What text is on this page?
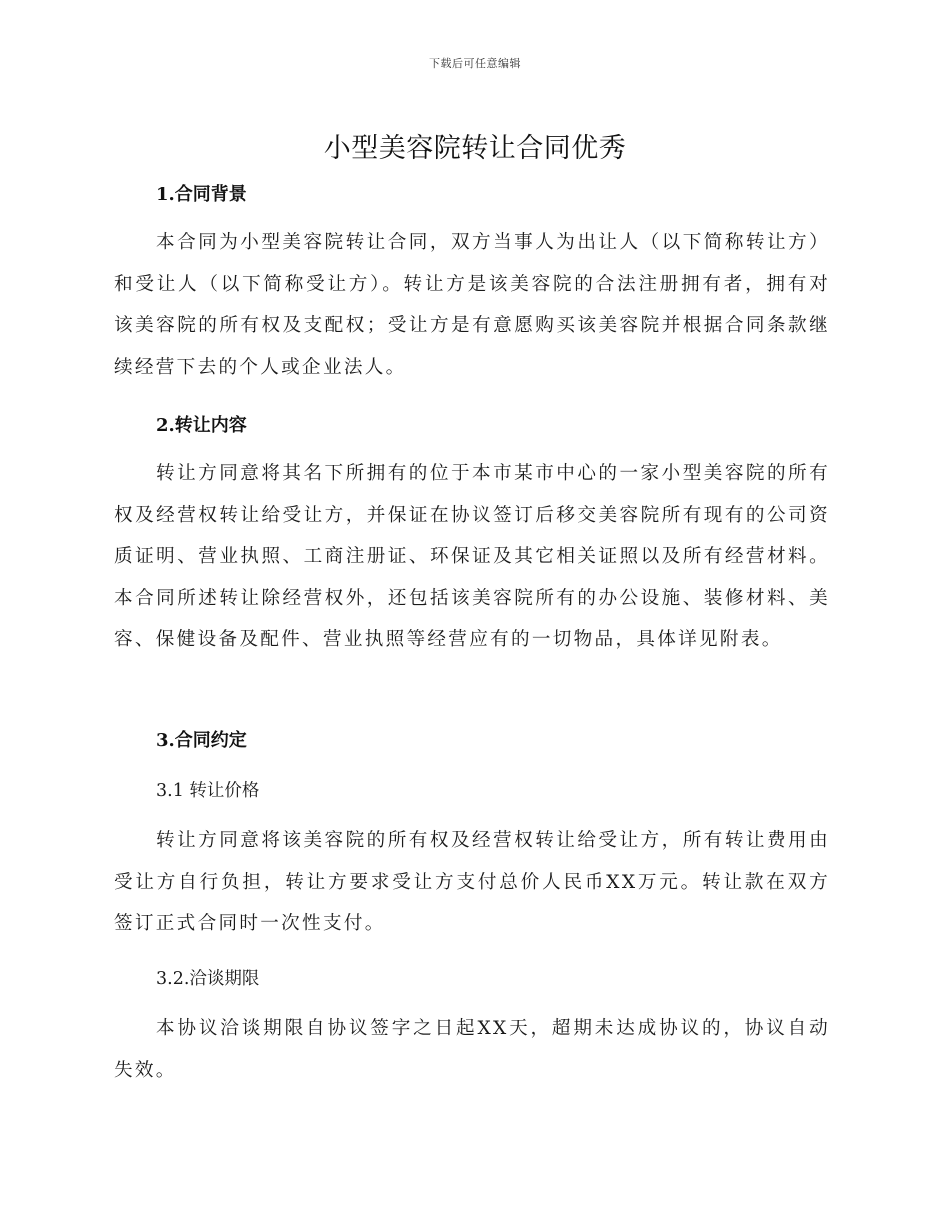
下载后可任意编辑
小型美容院转让合同优秀
1.合同背景
本合同为小型美容院转让合同，双方当事人为出让人（以下简称转让方）和受让人（以下简称受让方）。转让方是该美容院的合法注册拥有者，拥有对该美容院的所有权及支配权；受让方是有意愿购买该美容院并根据合同条款继续经营下去的个人或企业法人。
2.转让内容
转让方同意将其名下所拥有的位于本市某市中心的一家小型美容院的所有权及经营权转让给受让方，并保证在协议签订后移交美容院所有现有的公司资质证明、营业执照、工商注册证、环保证及其它相关证照以及所有经营材料。本合同所述转让除经营权外，还包括该美容院所有的办公设施、装修材料、美容、保健设备及配件、营业执照等经营应有的一切物品，具体详见附表。
3.合同约定
3.1 转让价格
转让方同意将该美容院的所有权及经营权转让给受让方，所有转让费用由受让方自行负担，转让方要求受让方支付总价人民币XX万元。转让款在双方签订正式合同时一次性支付。
3.2.洽谈期限
本协议洽谈期限自协议签字之日起XX天，超期未达成协议的，协议自动失效。
